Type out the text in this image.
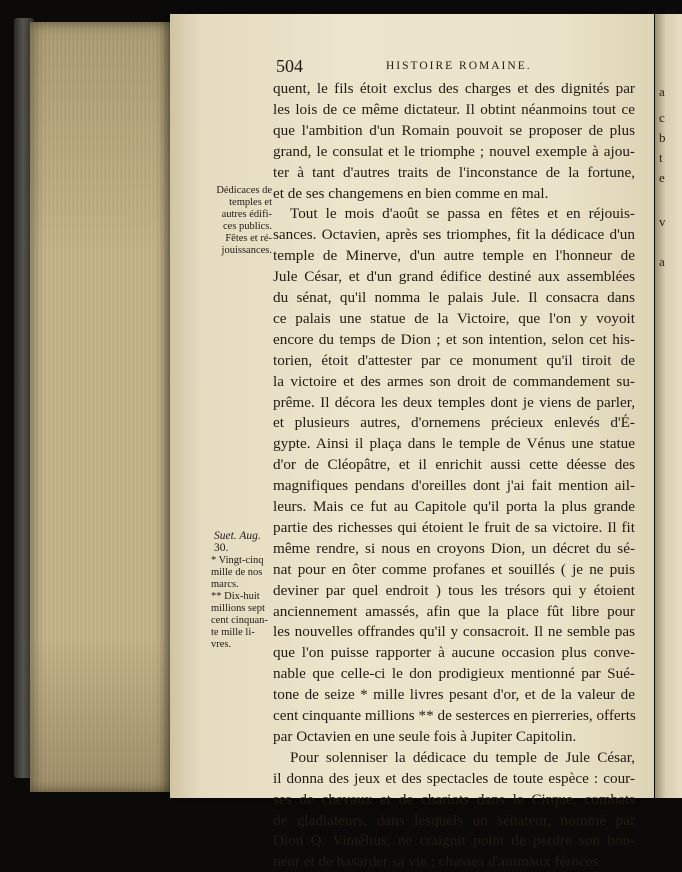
a
c
b
t
e
v
a
504	HISTOIRE ROMAINE.
quent, le fils étoit exclus des charges et des dignités par
les lois de ce même dictateur. Il obtint néanmoins tout ce
que l'ambition d'un Romain pouvoit se proposer de plus
grand, le consulat et le triomphe ; nouvel exemple à ajou-
ter à tant d'autres traits de l'inconstance de la fortune,
et de ses changemens en bien comme en mal.
Tout le mois d'août se passa en fêtes et en réjouis-
sances. Octavien, après ses triomphes, fit la dédicace d'un
temple de Minerve, d'un autre temple en l'honneur de
Jule César, et d'un grand édifice destiné aux assemblées
du sénat, qu'il nomma le palais Jule. Il consacra dans
ce palais une statue de la Victoire, que l'on y voyoit
encore du temps de Dion ; et son intention, selon cet his-
torien, étoit d'attester par ce monument qu'il tiroit de
la victoire et des armes son droit de commandement su-
prême. Il décora les deux temples dont je viens de parler,
et plusieurs autres, d'ornemens précieux enlevés d'É-
gypte. Ainsi il plaça dans le temple de Vénus une statue
d'or de Cléopâtre, et il enrichit aussi cette déesse des
magnifiques pendans d'oreilles dont j'ai fait mention ail-
leurs. Mais ce fut au Capitole qu'il porta la plus grande
partie des richesses qui étoient le fruit de sa victoire. Il fit
même rendre, si nous en croyons Dion, un décret du sé-
nat pour en ôter comme profanes et souillés ( je ne puis
deviner par quel endroit ) tous les trésors qui y étoient
anciennement amassés, afin que la place fût libre pour
les nouvelles offrandes qu'il y consacroit. Il ne semble pas
que l'on puisse rapporter à aucune occasion plus conve-
nable que celle-ci le don prodigieux mentionné par Sué-
tone de seize * mille livres pesant d'or, et de la valeur de
cent cinquante millions ** de sesterces en pierreries, offerts
par Octavien en une seule fois à Jupiter Capitolin.
Pour solenniser la dédicace du temple de Jule César,
il donna des jeux et des spectacles de toute espèce : cour-
ses de chevaux et de chariots dans le Cirque, combats
de gladiateurs, dans lesquels un sénateur, nommé par
Dion Q. Vintélius, ne craignit point de perdre son hon-
neur et de hasarder sa vie ; chasses d'animaux féroces
Dédicaces de
temples et
autres édifi-
ces publics.
Fêtes et ré-
jouissances.
Suet. Aug.
30.
* Vingt-cinq
mille de nos
marcs.
** Dix-huit
millions sept
cent cinquan-
te mille li-
vres.
